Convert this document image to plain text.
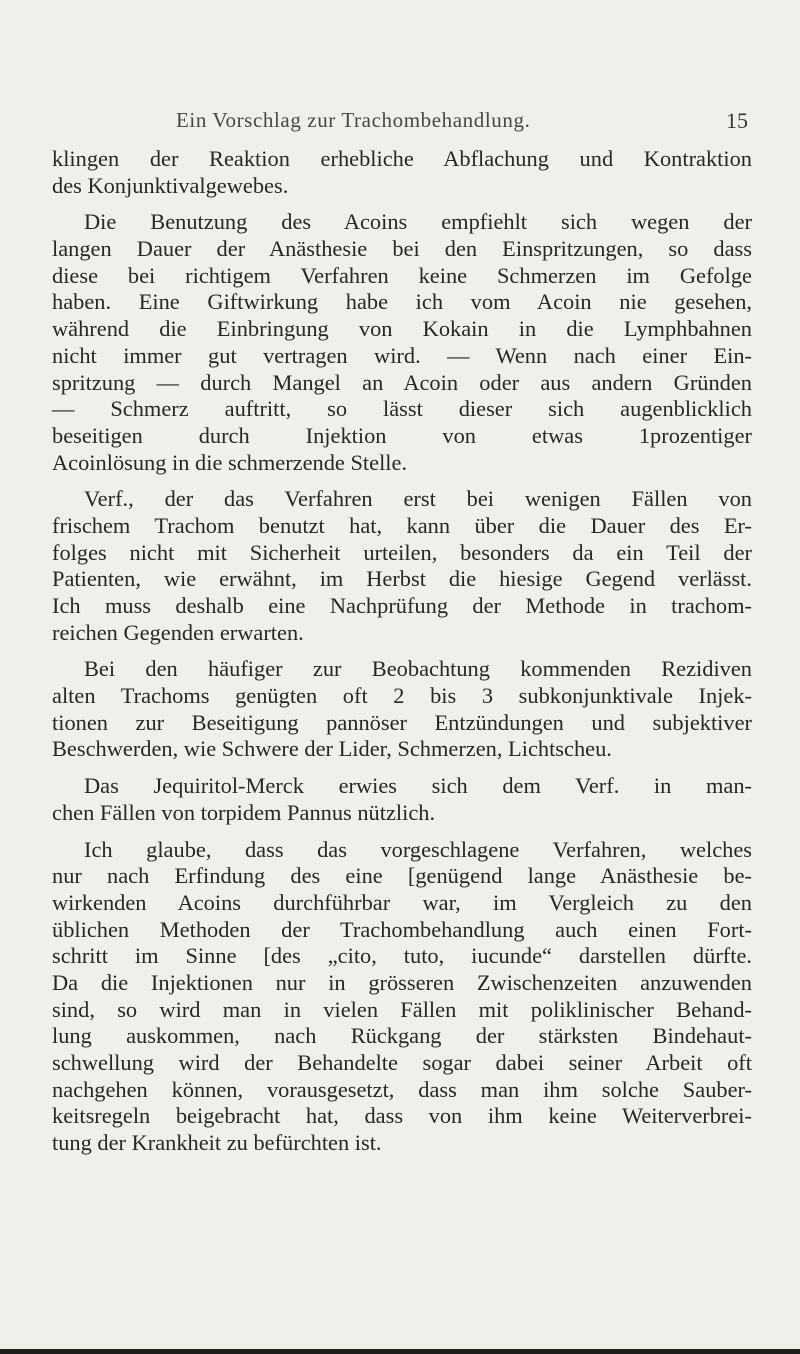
Ein Vorschlag zur Trachombehandlung.	15
klingen der Reaktion erhebliche Abflachung und Kontraktion
des Konjunktivalgewebes.
Die Benutzung des Acoins empfiehlt sich wegen der
langen Dauer der Anästhesie bei den Einspritzungen, so dass
diese bei richtigem Verfahren keine Schmerzen im Gefolge
haben. Eine Giftwirkung habe ich vom Acoin nie gesehen,
während die Einbringung von Kokain in die Lymphbahnen
nicht immer gut vertragen wird. — Wenn nach einer Ein-
spritzung — durch Mangel an Acoin oder aus andern Gründen
— Schmerz auftritt, so lässt dieser sich augenblicklich
beseitigen durch Injektion von etwas 1prozentiger
Acoinlösung in die schmerzende Stelle.
Verf., der das Verfahren erst bei wenigen Fällen von
frischem Trachom benutzt hat, kann über die Dauer des Er-
folges nicht mit Sicherheit urteilen, besonders da ein Teil der
Patienten, wie erwähnt, im Herbst die hiesige Gegend verlässt.
Ich muss deshalb eine Nachprüfung der Methode in trachom-
reichen Gegenden erwarten.
Bei den häufiger zur Beobachtung kommenden Rezidiven
alten Trachoms genügten oft 2 bis 3 subkonjunktivale Injek-
tionen zur Beseitigung pannöser Entzündungen und subjektiver
Beschwerden, wie Schwere der Lider, Schmerzen, Lichtscheu.
Das Jequiritol-Merck erwies sich dem Verf. in man-
chen Fällen von torpidem Pannus nützlich.
Ich glaube, dass das vorgeschlagene Verfahren, welches
nur nach Erfindung des eine [genügend lange Anästhesie be-
wirkenden Acoins durchführbar war, im Vergleich zu den
üblichen Methoden der Trachombehandlung auch einen Fort-
schritt im Sinne [des „cito, tuto, iucunde“ darstellen dürfte.
Da die Injektionen nur in grösseren Zwischenzeiten anzuwenden
sind, so wird man in vielen Fällen mit poliklinischer Behand-
lung auskommen, nach Rückgang der stärksten Bindehaut-
schwellung wird der Behandelte sogar dabei seiner Arbeit oft
nachgehen können, vorausgesetzt, dass man ihm solche Sauber-
keitsregeln beigebracht hat, dass von ihm keine Weiterverbrei-
tung der Krankheit zu befürchten ist.
